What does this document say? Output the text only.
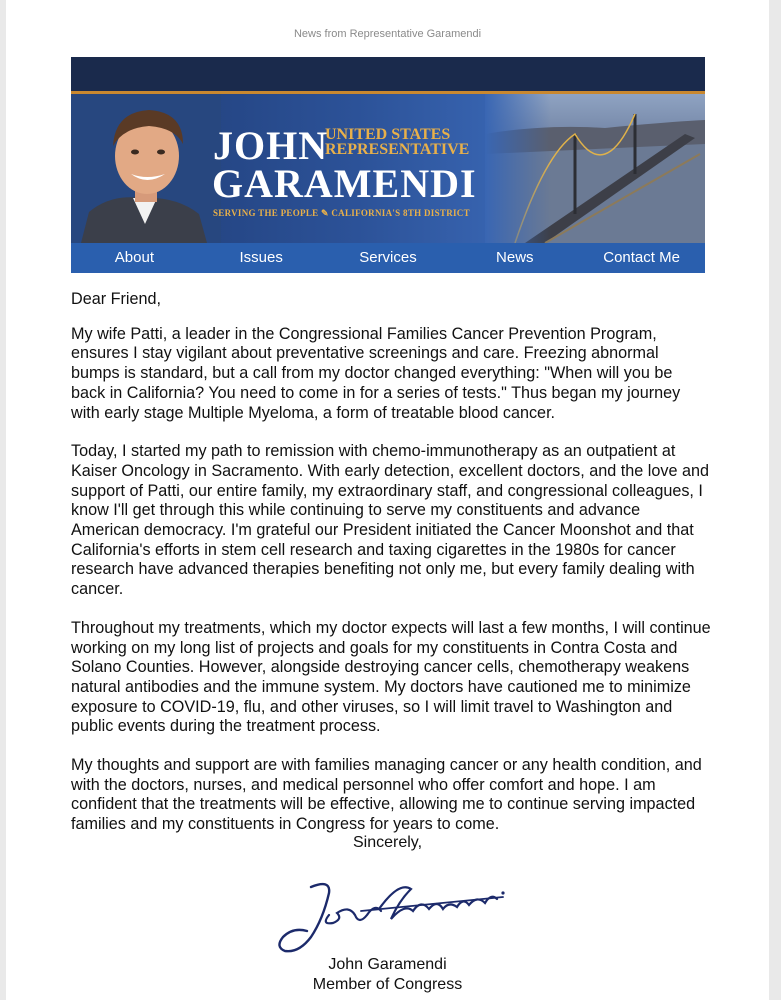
News from Representative Garamendi
JOHN
UNITED STATES REPRESENTATIVE
GARAMENDI
SERVING THE PEOPLE ✎ CALIFORNIA'S 8TH DISTRICT
About	Issues	Services	News	Contact Me

Dear Friend,

My wife Patti, a leader in the Congressional Families Cancer Prevention Program, ensures I stay vigilant about preventative screenings and care. Freezing abnormal bumps is standard, but a call from my doctor changed everything: "When will you be back in California? You need to come in for a series of tests." Thus began my journey with early stage Multiple Myeloma, a form of treatable blood cancer.

Today, I started my path to remission with chemo-immunotherapy as an outpatient at Kaiser Oncology in Sacramento. With early detection, excellent doctors, and the love and support of Patti, our entire family, my extraordinary staff, and congressional colleagues, I know I'll get through this while continuing to serve my constituents and advance American democracy. I'm grateful our President initiated the Cancer Moonshot and that California's efforts in stem cell research and taxing cigarettes in the 1980s for cancer research have advanced therapies benefiting not only me, but every family dealing with cancer.

Throughout my treatments, which my doctor expects will last a few months, I will continue working on my long list of projects and goals for my constituents in Contra Costa and Solano Counties. However, alongside destroying cancer cells, chemotherapy weakens natural antibodies and the immune system. My doctors have cautioned me to minimize exposure to COVID-19, flu, and other viruses, so I will limit travel to Washington and public events during the treatment process.

My thoughts and support are with families managing cancer or any health condition, and with the doctors, nurses, and medical personnel who offer comfort and hope. I am confident that the treatments will be effective, allowing me to continue serving impacted families and my constituents in Congress for years to come.

Sincerely,
John Garamendi
Member of Congress
